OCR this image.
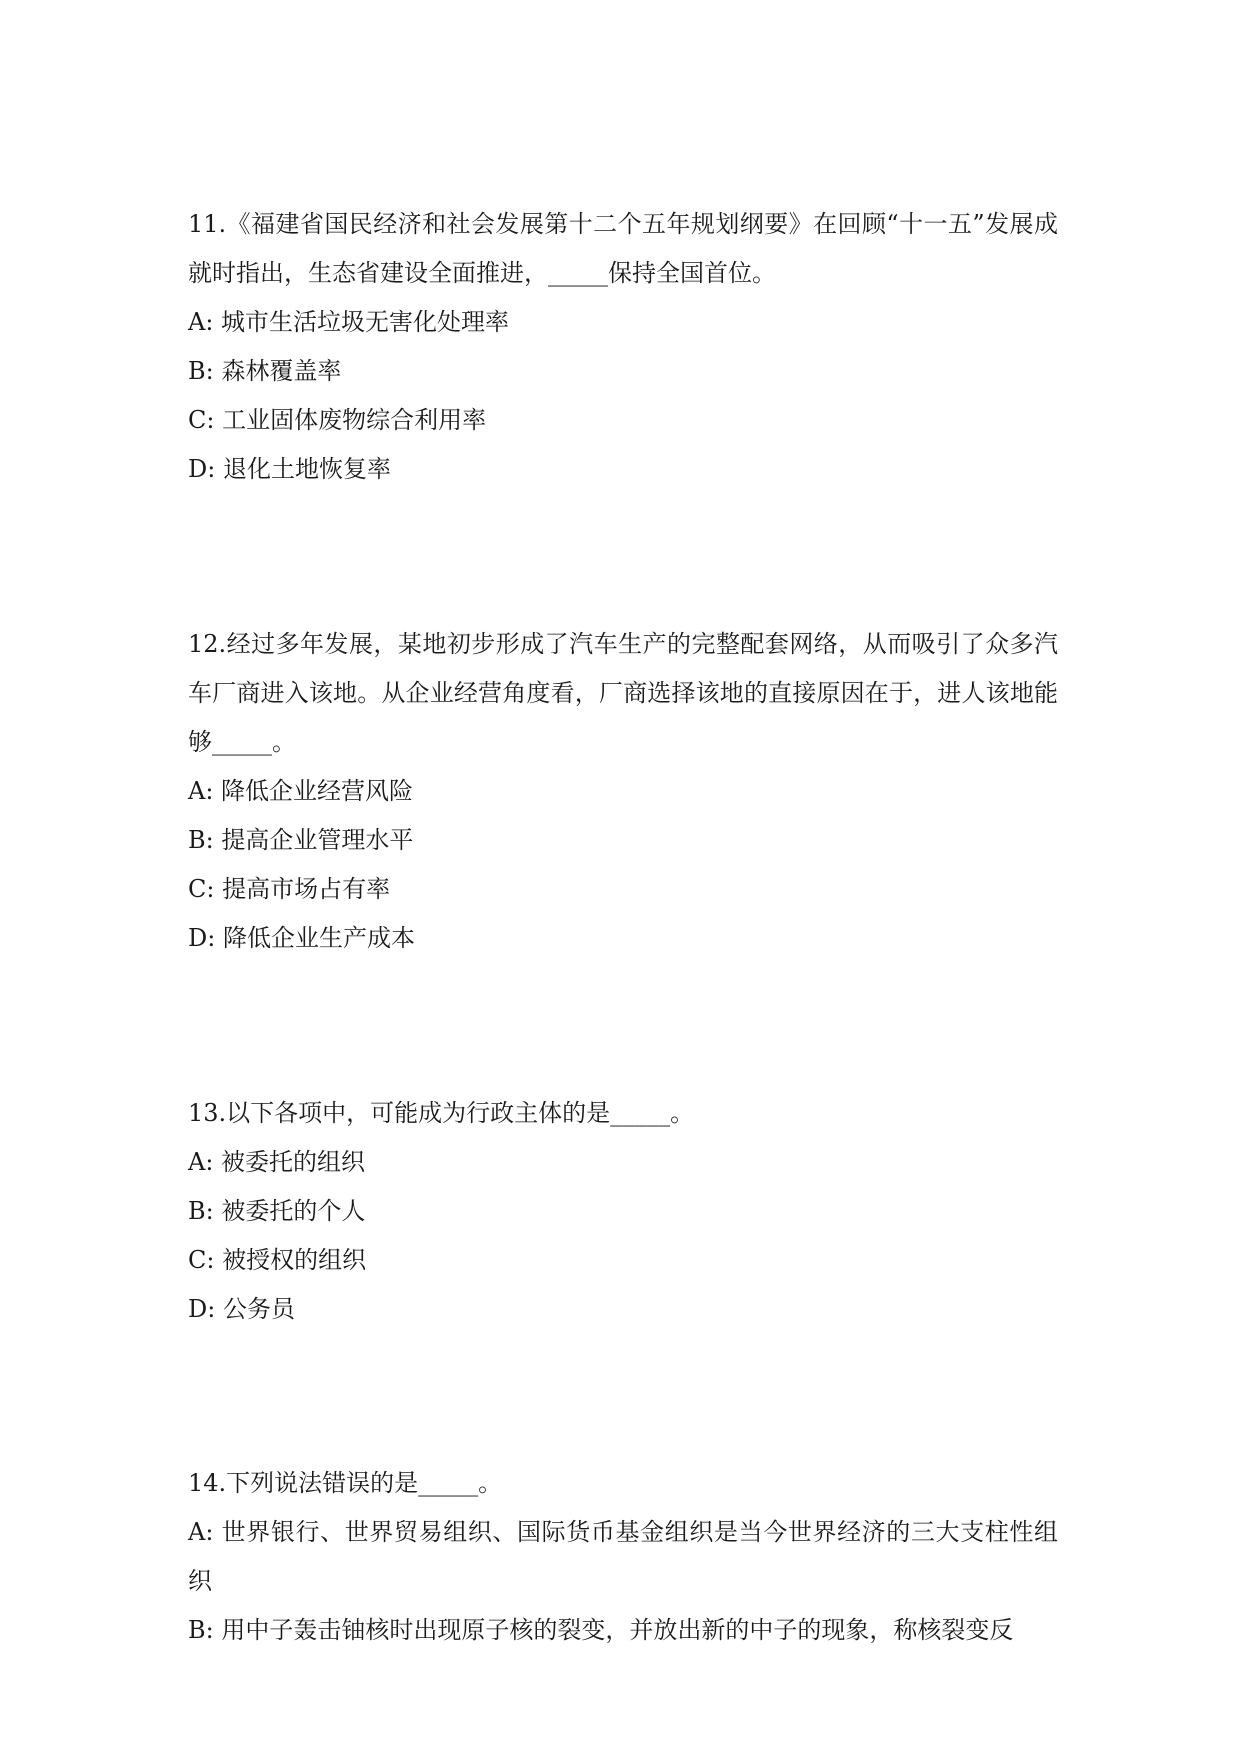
11.《福建省国民经济和社会发展第十二个五年规划纲要》在回顾“十一五”发展成就时指出，生态省建设全面推进，_____保持全国首位。

A: 城市生活垃圾无害化处理率

B: 森林覆盖率

C: 工业固体废物综合利用率

D: 退化土地恢复率

12.经过多年发展，某地初步形成了汽车生产的完整配套网络，从而吸引了众多汽车厂商进入该地。从企业经营角度看，厂商选择该地的直接原因在于，进人该地能够_____。

A: 降低企业经营风险

B: 提高企业管理水平

C: 提高市场占有率

D: 降低企业生产成本

13.以下各项中，可能成为行政主体的是_____。

A: 被委托的组织

B: 被委托的个人

C: 被授权的组织

D: 公务员

14.下列说法错误的是_____。

A: 世界银行、世界贸易组织、国际货币基金组织是当今世界经济的三大支柱性组织

B: 用中子轰击铀核时出现原子核的裂变，并放出新的中子的现象，称核裂变反
